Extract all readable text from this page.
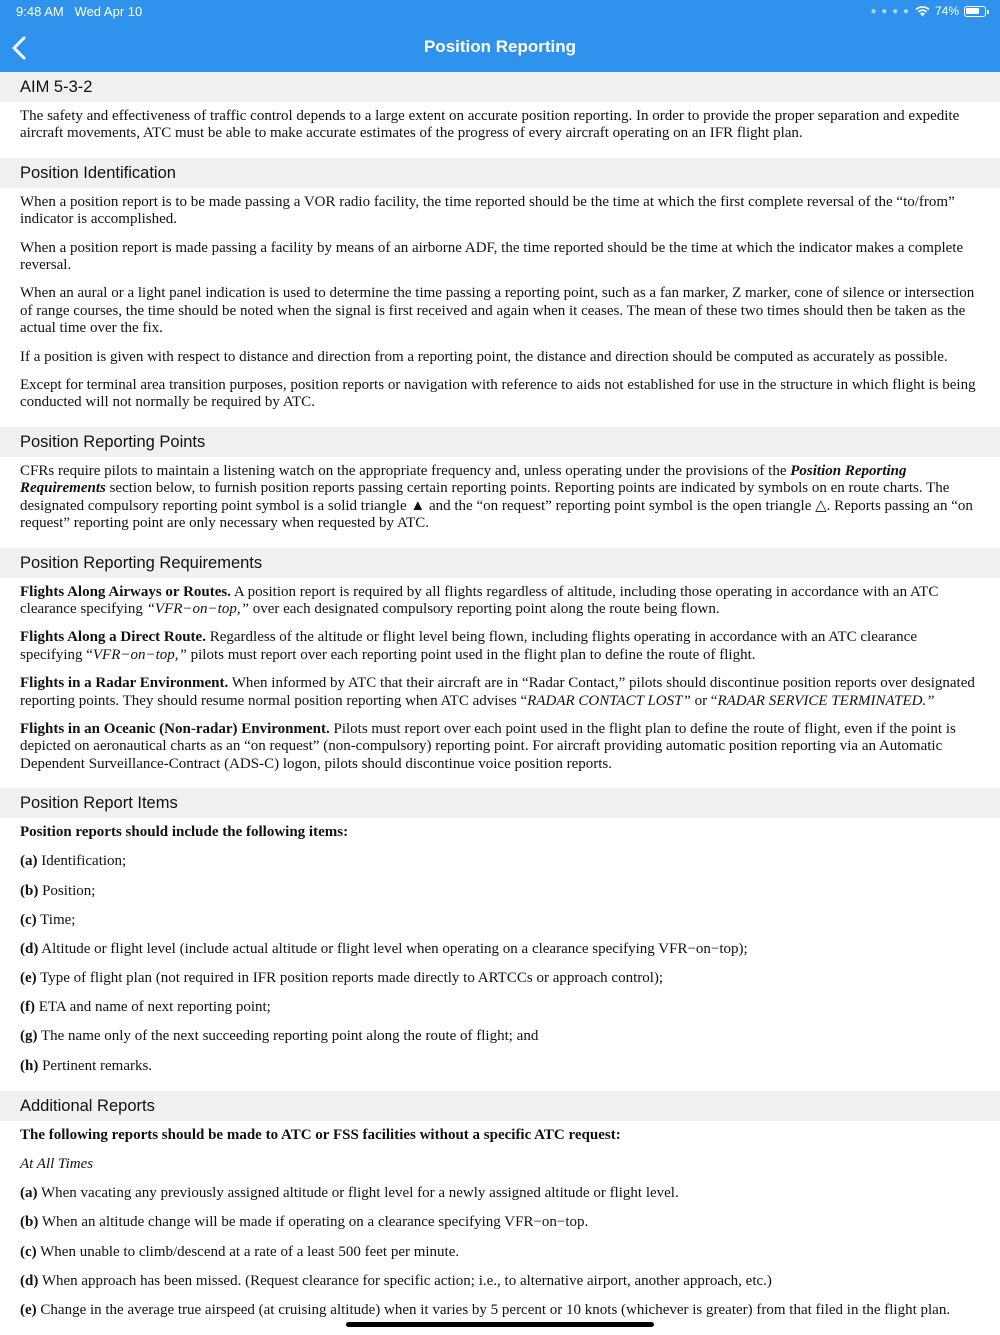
9:48 AM Wed Apr 10	● ● ● ● 74%
Position Reporting
AIM 5-3-2

The safety and effectiveness of traffic control depends to a large extent on accurate position reporting. In order to provide the proper separation and expedite aircraft movements, ATC must be able to make accurate estimates of the progress of every aircraft operating on an IFR flight plan.

Position Identification

When a position report is to be made passing a VOR radio facility, the time reported should be the time at which the first complete reversal of the “to/from” indicator is accomplished.

When a position report is made passing a facility by means of an airborne ADF, the time reported should be the time at which the indicator makes a complete reversal.

When an aural or a light panel indication is used to determine the time passing a reporting point, such as a fan marker, Z marker, cone of silence or intersection of range courses, the time should be noted when the signal is first received and again when it ceases. The mean of these two times should then be taken as the actual time over the fix.

If a position is given with respect to distance and direction from a reporting point, the distance and direction should be computed as accurately as possible.

Except for terminal area transition purposes, position reports or navigation with reference to aids not established for use in the structure in which flight is being conducted will not normally be required by ATC.

Position Reporting Points

CFRs require pilots to maintain a listening watch on the appropriate frequency and, unless operating under the provisions of the Position Reporting Requirements section below, to furnish position reports passing certain reporting points. Reporting points are indicated by symbols on en route charts. The designated compulsory reporting point symbol is a solid triangle ▲ and the “on request” reporting point symbol is the open triangle △. Reports passing an “on request” reporting point are only necessary when requested by ATC.

Position Reporting Requirements

Flights Along Airways or Routes. A position report is required by all flights regardless of altitude, including those operating in accordance with an ATC clearance specifying “VFR−on−top,” over each designated compulsory reporting point along the route being flown.

Flights Along a Direct Route. Regardless of the altitude or flight level being flown, including flights operating in accordance with an ATC clearance specifying “VFR−on−top,” pilots must report over each reporting point used in the flight plan to define the route of flight.

Flights in a Radar Environment. When informed by ATC that their aircraft are in “Radar Contact,” pilots should discontinue position reports over designated reporting points. They should resume normal position reporting when ATC advises “RADAR CONTACT LOST” or “RADAR SERVICE TERMINATED.”

Flights in an Oceanic (Non-radar) Environment. Pilots must report over each point used in the flight plan to define the route of flight, even if the point is depicted on aeronautical charts as an “on request” (non-compulsory) reporting point. For aircraft providing automatic position reporting via an Automatic Dependent Surveillance-Contract (ADS-C) logon, pilots should discontinue voice position reports.

Position Report Items
Position reports should include the following items:
(a) Identification;
(b) Position;
(c) Time;
(d) Altitude or flight level (include actual altitude or flight level when operating on a clearance specifying VFR−on−top);
(e) Type of flight plan (not required in IFR position reports made directly to ARTCCs or approach control);
(f) ETA and name of next reporting point;
(g) The name only of the next succeeding reporting point along the route of flight; and
(h) Pertinent remarks.
Additional Reports
The following reports should be made to ATC or FSS facilities without a specific ATC request:
At All Times
(a) When vacating any previously assigned altitude or flight level for a newly assigned altitude or flight level.
(b) When an altitude change will be made if operating on a clearance specifying VFR−on−top.
(c) When unable to climb/descend at a rate of a least 500 feet per minute.
(d) When approach has been missed. (Request clearance for specific action; i.e., to alternative airport, another approach, etc.)
(e) Change in the average true airspeed (at cruising altitude) when it varies by 5 percent or 10 knots (whichever is greater) from that filed in the flight plan.
